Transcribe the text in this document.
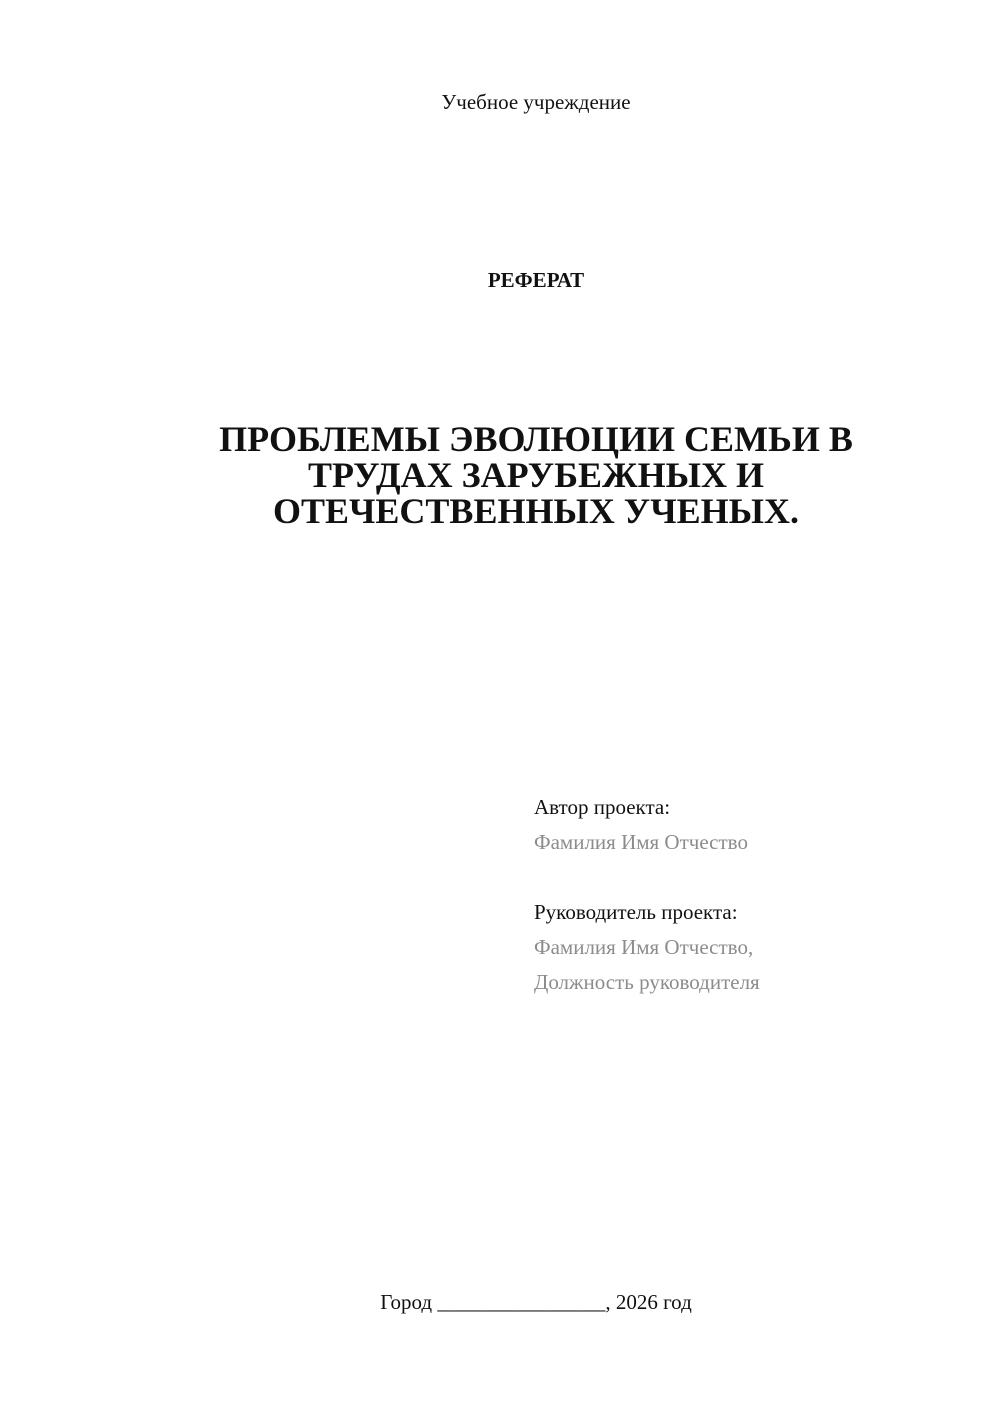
Учебное учреждение
РЕФЕРАТ
ПРОБЛЕМЫ ЭВОЛЮЦИИ СЕМЬИ В
ТРУДАХ ЗАРУБЕЖНЫХ И
ОТЕЧЕСТВЕННЫХ УЧЕНЫХ.
Автор проекта:
Фамилия Имя Отчество
Руководитель проекта:
Фамилия Имя Отчество,
Должность руководителя
Город ________________, 2026 год
